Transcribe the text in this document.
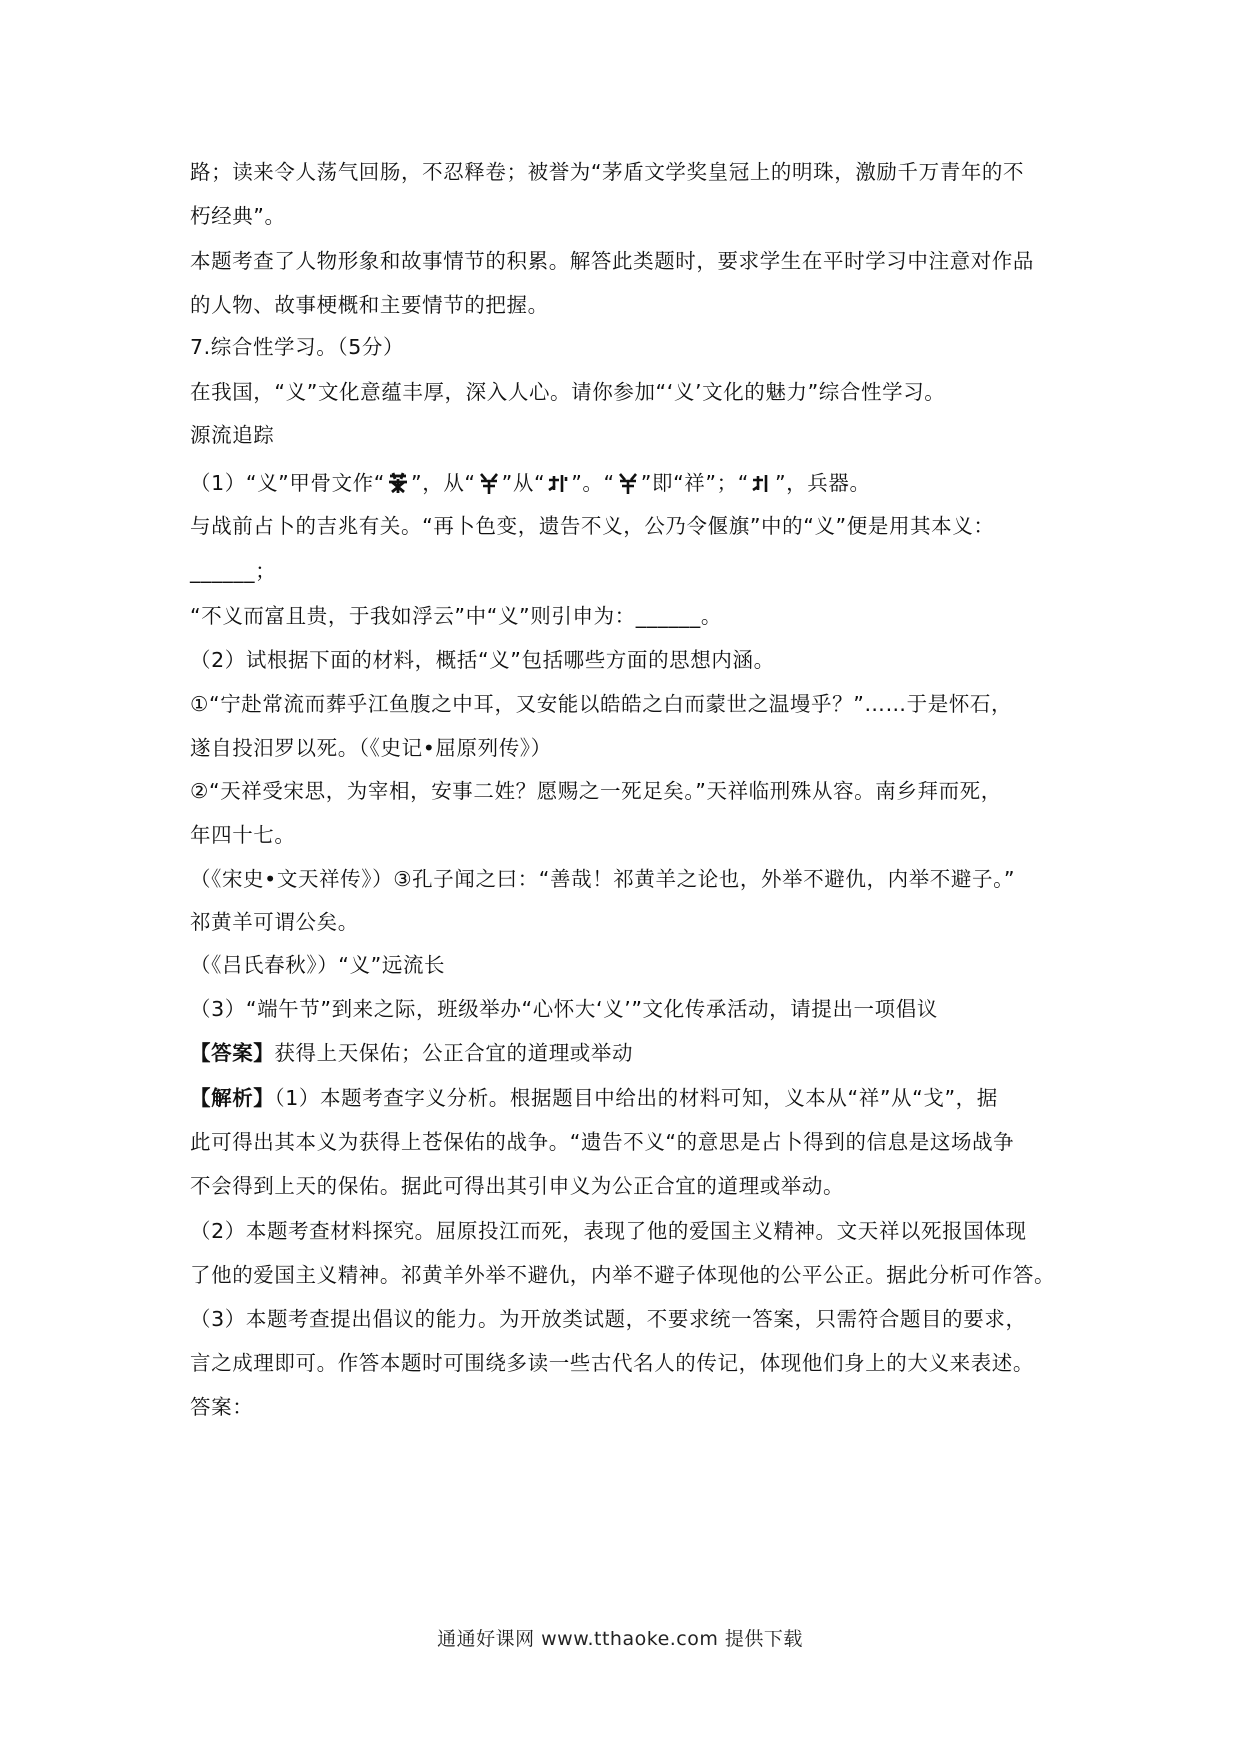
路；读来令人荡气回肠，不忍释卷；被誉为“茅盾文学奖皇冠上的明珠，激励千万青年的不
朽经典”。
本题考查了人物形象和故事情节的积累。解答此类题时，要求学生在平时学习中注意对作品
的人物、故事梗概和主要情节的把握。
7.综合性学习。（5分）
在我国，“义”文化意蕴丰厚，深入人心。请你参加“‘义’文化的魅力”综合性学习。
源流追踪
（1）“义”甲骨文作“ ”，从“ ”从“ ”。“ ”即“祥”；“ ”，兵器。
与战前占卜的吉兆有关。“再卜色变，遗告不义，公乃令偃旗”中的“义”便是用其本义：
______；
“不义而富且贵，于我如浮云”中“义”则引申为：______。
（2）试根据下面的材料，概括“义”包括哪些方面的思想内涵。
①“宁赴常流而葬乎江鱼腹之中耳，又安能以皓皓之白而蒙世之温墁乎？”……于是怀石，
遂自投汨罗以死。（《史记•屈原列传》）
②“天祥受宋思，为宰相，安事二姓？愿赐之一死足矣。”天祥临刑殊从容。南乡拜而死，
年四十七。
（《宋史•文天祥传》）③孔子闻之曰：“善哉！祁黄羊之论也，外举不避仇，内举不避子。”
祁黄羊可谓公矣。
（《吕氏春秋》）“义”远流长
（3）“端午节”到来之际，班级举办“心怀大‘义’”文化传承活动，请提出一项倡议
【答案】获得上天保佑；公正合宜的道理或举动
【解析】（1）本题考查字义分析。根据题目中给出的材料可知，义本从“祥”从“戈”，据
此可得出其本义为获得上苍保佑的战争。“遗告不义“的意思是占卜得到的信息是这场战争
不会得到上天的保佑。据此可得出其引申义为公正合宜的道理或举动。
（2）本题考查材料探究。屈原投江而死，表现了他的爱国主义精神。文天祥以死报国体现
了他的爱国主义精神。祁黄羊外举不避仇，内举不避子体现他的公平公正。据此分析可作答。
（3）本题考查提出倡议的能力。为开放类试题，不要求统一答案，只需符合题目的要求，
言之成理即可。作答本题时可围绕多读一些古代名人的传记，体现他们身上的大义来表述。
答案：
通通好课网 www.tthaoke.com 提供下载
